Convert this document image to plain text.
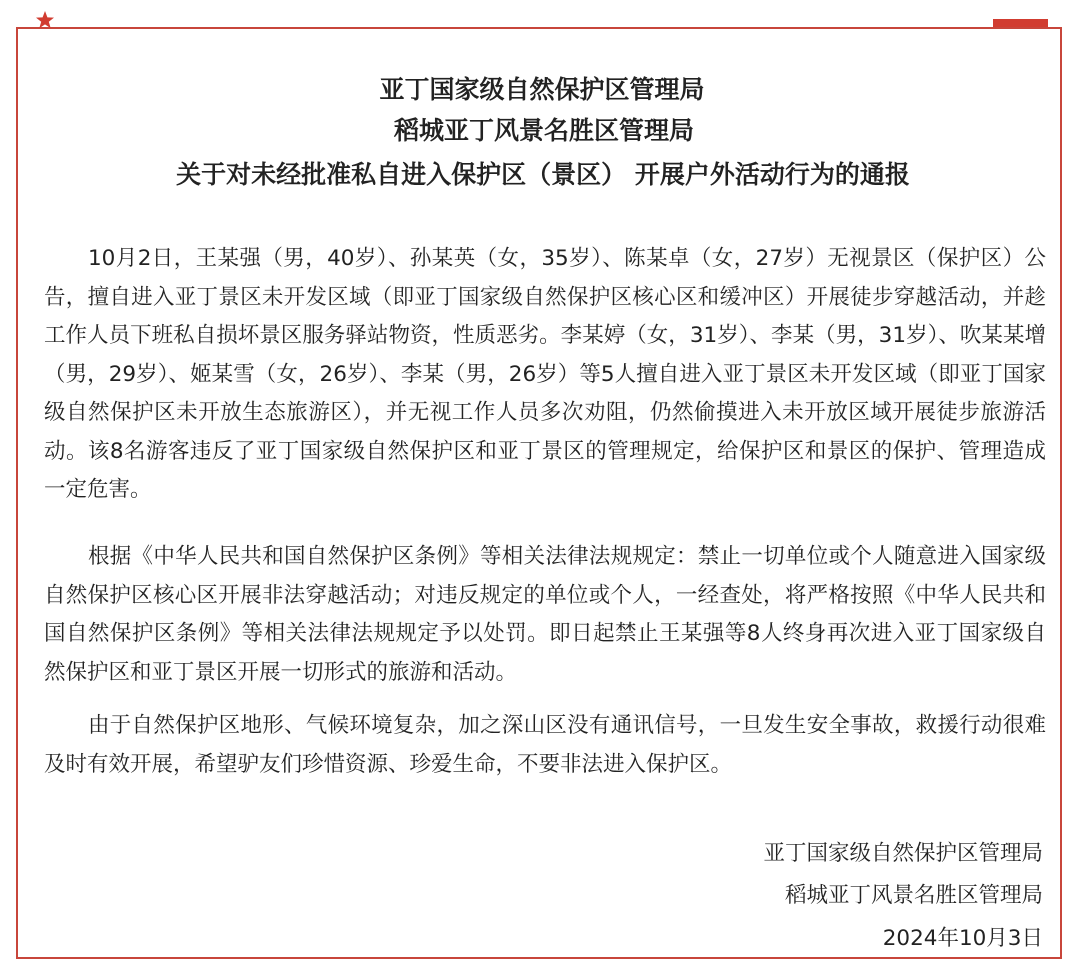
亚丁国家级自然保护区管理局
稻城亚丁风景名胜区管理局
关于对未经批准私自进入保护区（景区） 开展户外活动行为的通报

10月2日，王某强（男，40岁）、孙某英（女，35岁）、陈某卓（女，27岁）无视景区（保护区）公告，擅自进入亚丁景区未开发区域（即亚丁国家级自然保护区核心区和缓冲区）开展徒步穿越活动，并趁工作人员下班私自损坏景区服务驿站物资，性质恶劣。李某婷（女，31岁）、李某（男，31岁）、吹某某增（男，29岁）、姬某雪（女，26岁）、李某（男，26岁）等5人擅自进入亚丁景区未开发区域（即亚丁国家级自然保护区未开放生态旅游区），并无视工作人员多次劝阻，仍然偷摸进入未开放区域开展徒步旅游活动。该8名游客违反了亚丁国家级自然保护区和亚丁景区的管理规定，给保护区和景区的保护、管理造成一定危害。

根据《中华人民共和国自然保护区条例》等相关法律法规规定：禁止一切单位或个人随意进入国家级自然保护区核心区开展非法穿越活动；对违反规定的单位或个人，一经查处，将严格按照《中华人民共和国自然保护区条例》等相关法律法规规定予以处罚。即日起禁止王某强等8人终身再次进入亚丁国家级自然保护区和亚丁景区开展一切形式的旅游和活动。

由于自然保护区地形、气候环境复杂，加之深山区没有通讯信号，一旦发生安全事故，救援行动很难及时有效开展，希望驴友们珍惜资源、珍爱生命，不要非法进入保护区。

亚丁国家级自然保护区管理局

稻城亚丁风景名胜区管理局

2024年10月3日
